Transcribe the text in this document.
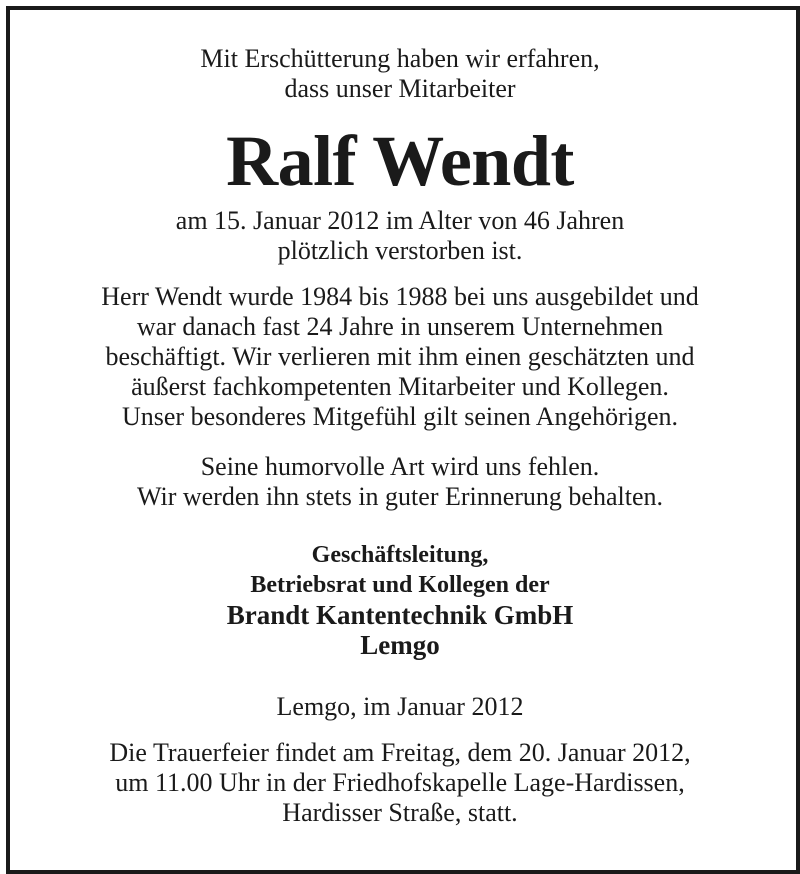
Mit Erschütterung haben wir erfahren,
dass unser Mitarbeiter
Ralf Wendt
am 15. Januar 2012 im Alter von 46 Jahren
plötzlich verstorben ist.
Herr Wendt wurde 1984 bis 1988 bei uns ausgebildet und
war danach fast 24 Jahre in unserem Unternehmen
beschäftigt. Wir verlieren mit ihm einen geschätzten und
äußerst fachkompetenten Mitarbeiter und Kollegen.
Unser besonderes Mitgefühl gilt seinen Angehörigen.
Seine humorvolle Art wird uns fehlen.
Wir werden ihn stets in guter Erinnerung behalten.
Geschäftsleitung,
Betriebsrat und Kollegen der
Brandt Kantentechnik GmbH
Lemgo
Lemgo, im Januar 2012
Die Trauerfeier findet am Freitag, dem 20. Januar 2012,
um 11.00 Uhr in der Friedhofskapelle Lage-Hardissen,
Hardisser Straße, statt.
